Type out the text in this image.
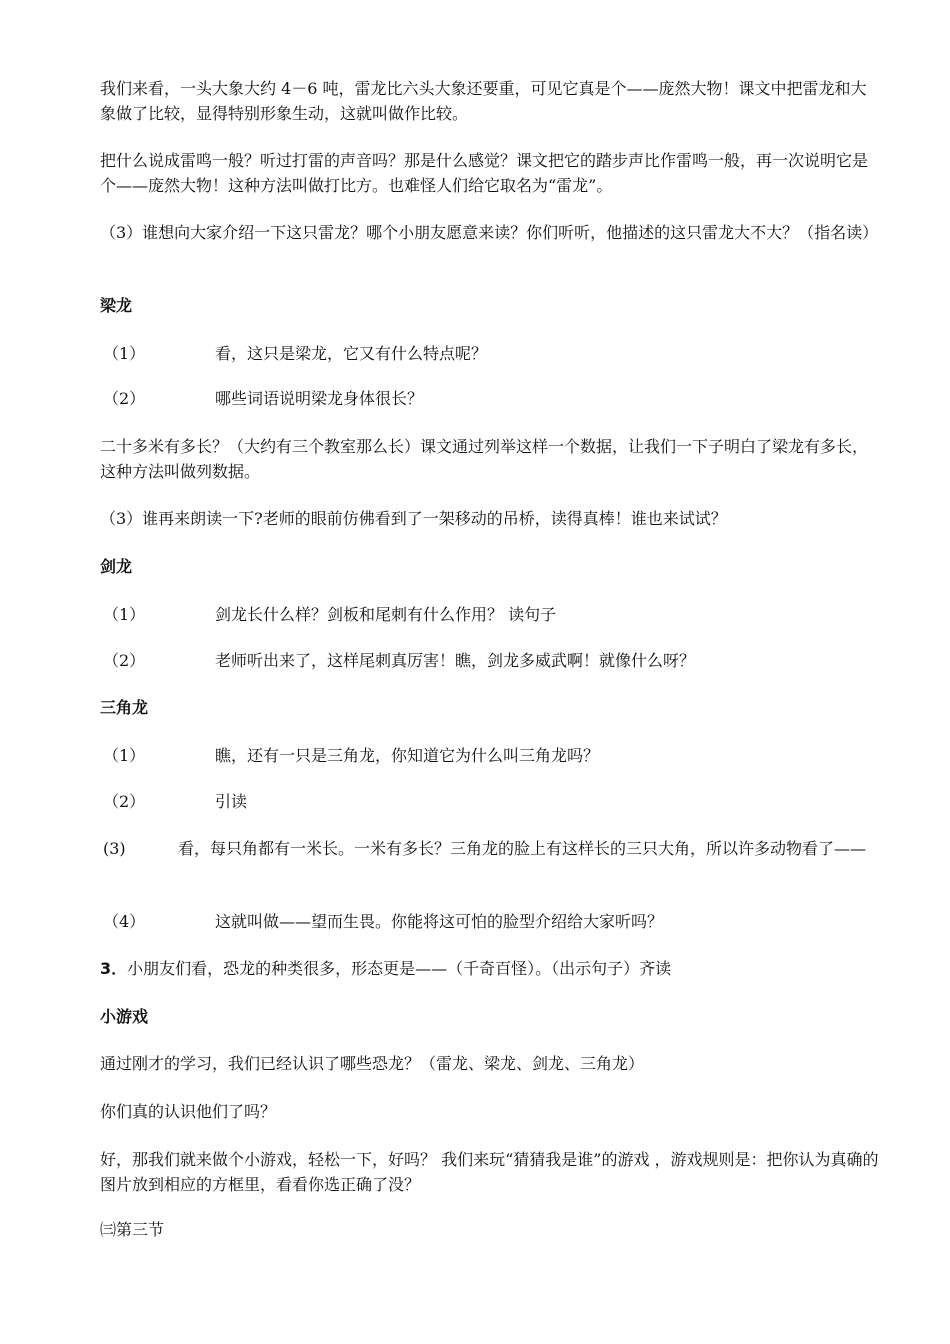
我们来看，一头大象大约 4－6 吨，雷龙比六头大象还要重，可见它真是个——庞然大物！课文中把雷龙和大象做了比较，显得特别形象生动，这就叫做作比较。

把什么说成雷鸣一般？听过打雷的声音吗？那是什么感觉？课文把它的踏步声比作雷鸣一般，再一次说明它是个——庞然大物！这种方法叫做打比方。也难怪人们给它取名为“雷龙”。

（3）谁想向大家介绍一下这只雷龙？哪个小朋友愿意来读？你们听听，他描述的这只雷龙大不大？（指名读）

梁龙

（1）	看，这只是梁龙，它又有什么特点呢？
（2）	哪些词语说明梁龙身体很长？

二十多米有多长？（大约有三个教室那么长）课文通过列举这样一个数据，让我们一下子明白了梁龙有多长，这种方法叫做列数据。

（3）谁再来朗读一下?老师的眼前仿佛看到了一架移动的吊桥，读得真棒！谁也来试试？

剑龙

（1）	剑龙长什么样？剑板和尾刺有什么作用？ 读句子
（2）	老师听出来了，这样尾刺真厉害！瞧，剑龙多威武啊！就像什么呀？

三角龙

（1）	瞧，还有一只是三角龙，你知道它为什么叫三角龙吗？
（2）	引读
(3)	看，每只角都有一米长。一米有多长？三角龙的脸上有这样长的三只大角，所以许多动物看了——
（4）	这就叫做——望而生畏。你能将这可怕的脸型介绍给大家听吗？

3．小朋友们看，恐龙的种类很多，形态更是——（千奇百怪）。（出示句子）齐读

小游戏

通过刚才的学习，我们已经认识了哪些恐龙？（雷龙、梁龙、剑龙、三角龙）

你们真的认识他们了吗？

好，那我们就来做个小游戏，轻松一下，好吗？ 我们来玩“猜猜我是谁”的游戏 ，游戏规则是：把你认为真确的图片放到相应的方框里，看看你选正确了没？

㈢第三节
